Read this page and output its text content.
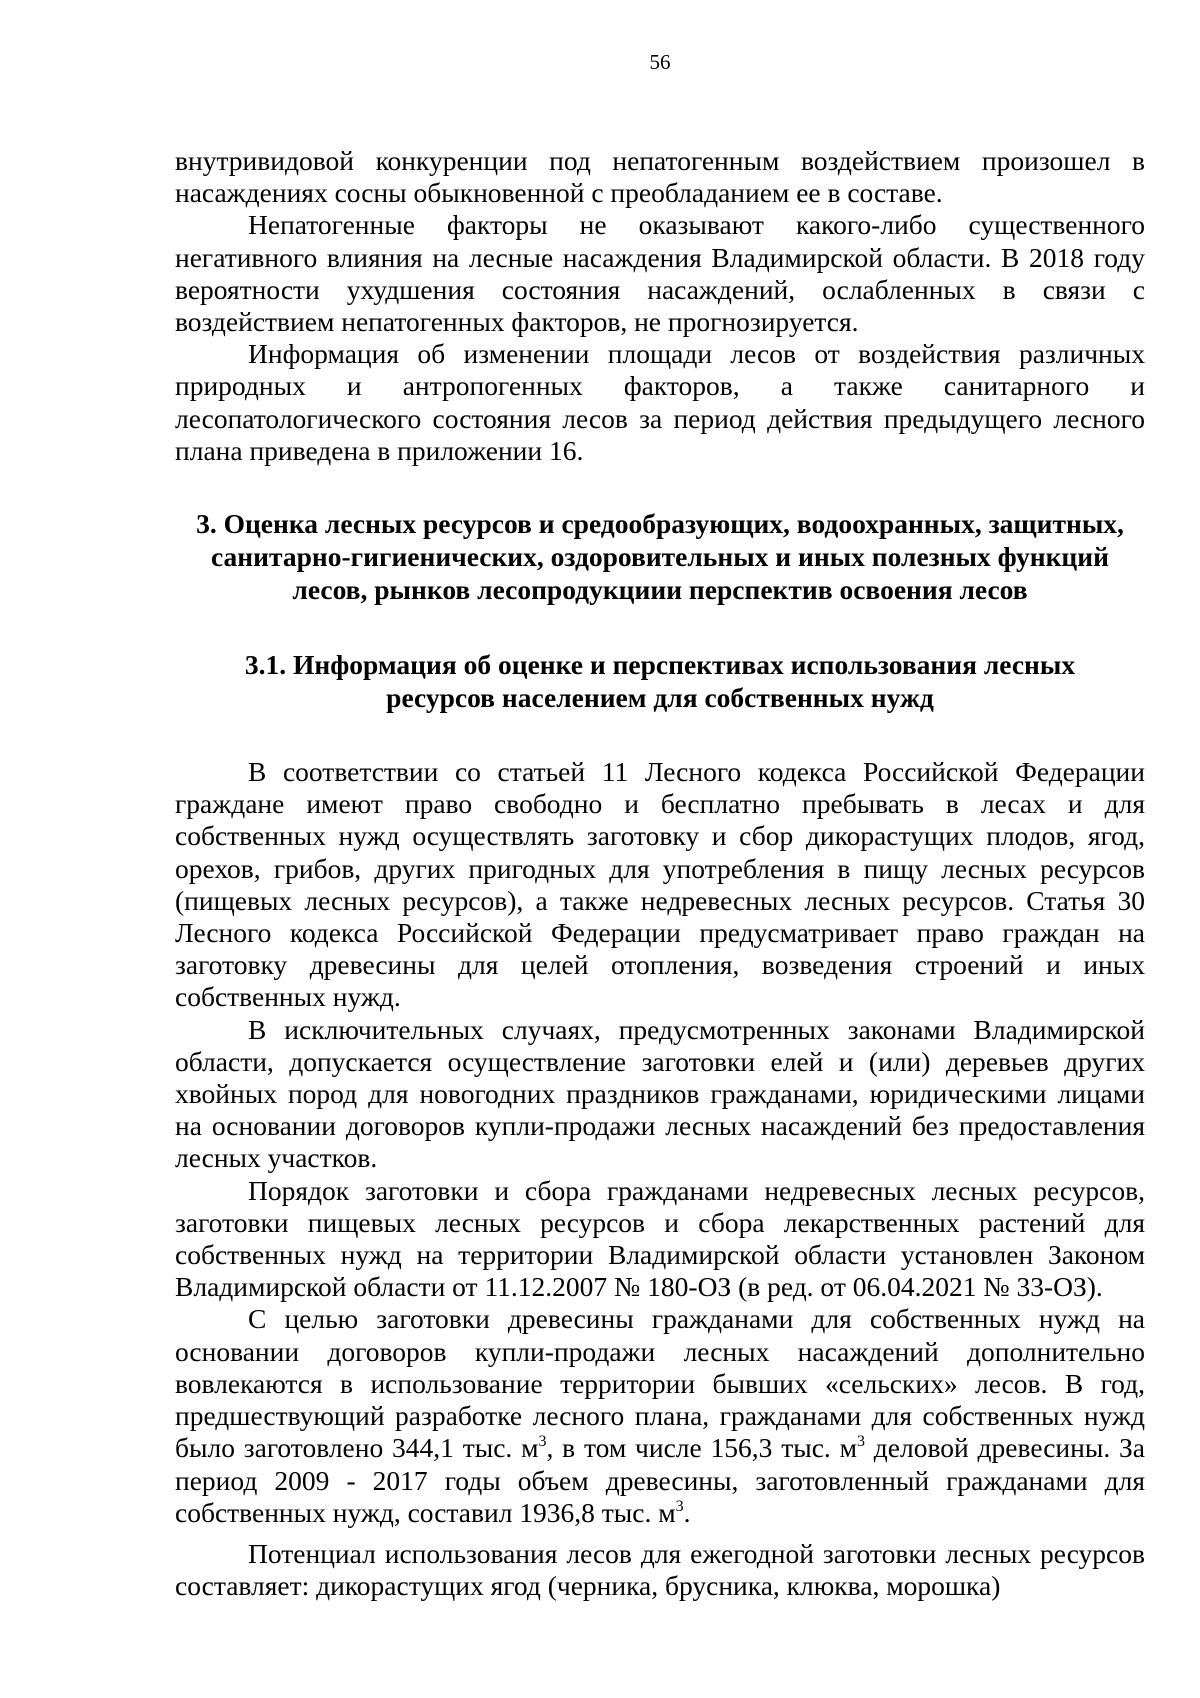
56

внутривидовой конкуренции под непатогенным воздействием произошел в насаждениях сосны обыкновенной с преобладанием ее в составе.

Непатогенные факторы не оказывают какого-либо существенного негативного влияния на лесные насаждения Владимирской области. В 2018 году вероятности ухудшения состояния насаждений, ослабленных в связи с воздействием непатогенных факторов, не прогнозируется.

Информация об изменении площади лесов от воздействия различных природных и антропогенных факторов, а также санитарного и лесопатологического состояния лесов за период действия предыдущего лесного плана приведена в приложении 16.

3. Оценка лесных ресурсов и средообразующих, водоохранных, защитных, санитарно-гигиенических, оздоровительных и иных полезных функций лесов, рынков лесопродукциии перспектив освоения лесов
3.1. Информация об оценке и перспективах использования лесных ресурсов населением для собственных нужд

В соответствии со статьей 11 Лесного кодекса Российской Федерации граждане имеют право свободно и бесплатно пребывать в лесах и для собственных нужд осуществлять заготовку и сбор дикорастущих плодов, ягод, орехов, грибов, других пригодных для употребления в пищу лесных ресурсов (пищевых лесных ресурсов), а также недревесных лесных ресурсов. Статья 30 Лесного кодекса Российской Федерации предусматривает право граждан на заготовку древесины для целей отопления, возведения строений и иных собственных нужд.

В исключительных случаях, предусмотренных законами Владимирской области, допускается осуществление заготовки елей и (или) деревьев других хвойных пород для новогодних праздников гражданами, юридическими лицами на основании договоров купли-продажи лесных насаждений без предоставления лесных участков.

Порядок заготовки и сбора гражданами недревесных лесных ресурсов, заготовки пищевых лесных ресурсов и сбора лекарственных растений для собственных нужд на территории Владимирской области установлен Законом Владимирской области от 11.12.2007 № 180-ОЗ (в ред. от 06.04.2021 № 33-ОЗ).

С целью заготовки древесины гражданами для собственных нужд на основании договоров купли-продажи лесных насаждений дополнительно вовлекаются в использование территории бывших «сельских» лесов. В год, предшествующий разработке лесного плана, гражданами для собственных нужд было заготовлено 344,1 тыс. $м^3$, в том числе 156,3 тыс. $м^3$ деловой древесины. За период 2009 - 2017 годы объем древесины, заготовленный гражданами для собственных нужд, составил 1936,8 тыс. $м^3$.

Потенциал использования лесов для ежегодной заготовки лесных ресурсов составляет: дикорастущих ягод (черника, брусника, клюква, морошка)
